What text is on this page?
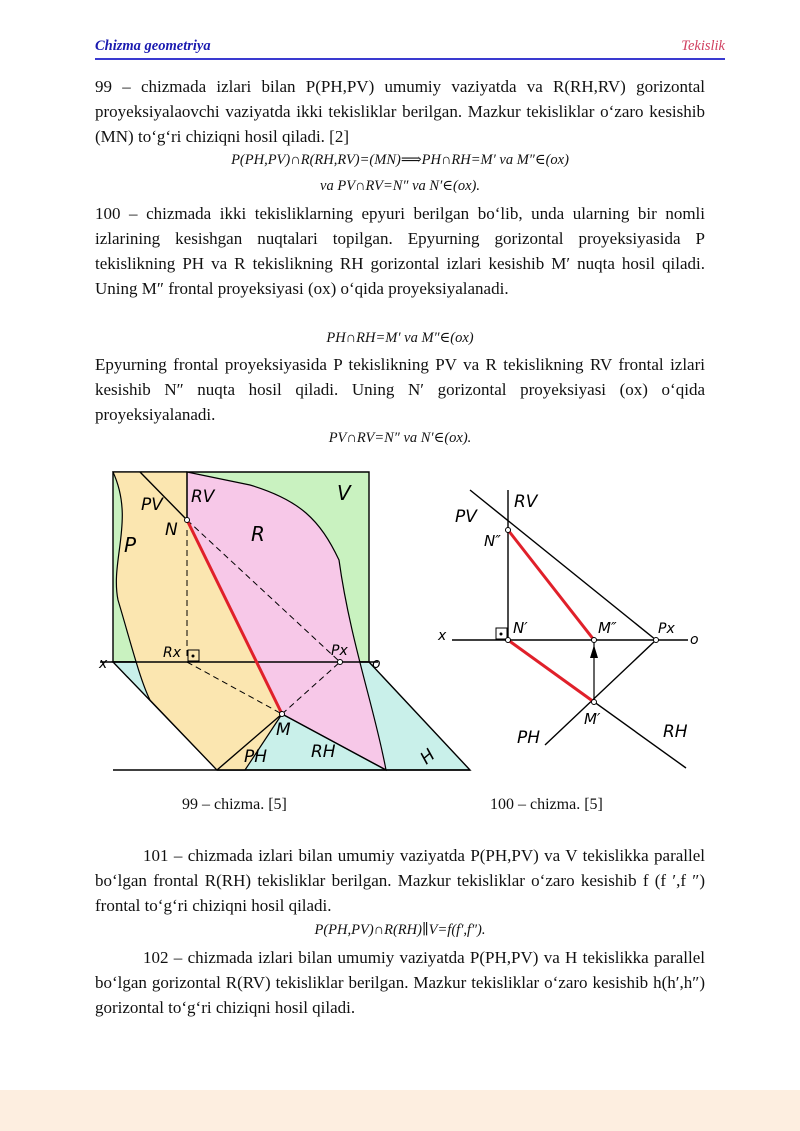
Chizma geometriya	Tekislik

99 – chizmada izlari bilan P(PH,PV) umumiy vaziyatda va R(RH,RV) gorizontal proyeksiyalaovchi vaziyatda ikki tekisliklar berilgan. Mazkur tekisliklar o‘zaro kesishib (MN) to‘g‘ri chiziqni hosil qiladi. [2]

P(PH,PV)∩R(RH,RV)=(MN)⟹PH∩RH=M′ va M″∈(ox)
va PV∩RV=N″ va N′∈(ox).

100 – chizmada ikki tekisliklarning epyuri berilgan bo‘lib, unda ularning bir nomli izlarining kesishgan nuqtalari topilgan. Epyurning gorizontal proyeksiyasida P tekislikning PH va R tekislikning RH gorizontal izlari kesishib M′ nuqta hosil qiladi. Uning M″ frontal proyeksiyasi (ox) o‘qida proyeksiyalanadi.

PH∩RH=M′ va M″∈(ox)

Epyurning frontal proyeksiyasida P tekislikning PV va R tekislikning RV frontal izlari kesishib N″ nuqta hosil qiladi. Uning N′ gorizontal proyeksiyasi (ox) o‘qida proyeksiyalanadi.

PV∩RV=N″ va N′∈(ox).
PV RV	V
P
N	R
Rx	Px
x	o
M
PH	RH	H
PV
RV
N″
x	N′	M″	Px
o
PH
M′
RH
99 – chizma. [5]	100 – chizma. [5]

101 – chizmada izlari bilan umumiy vaziyatda P(PH,PV) va V tekislikka parallel bo‘lgan frontal R(RH) tekisliklar berilgan. Mazkur tekisliklar o‘zaro kesishib f (f ′,f ″) frontal to‘g‘ri chiziqni hosil qiladi.

P(PH,PV)∩R(RH)∥V=f(f′,f″).

102 – chizmada izlari bilan umumiy vaziyatda P(PH,PV) va H tekislikka parallel bo‘lgan gorizontal R(RV) tekisliklar berilgan. Mazkur tekisliklar o‘zaro kesishib h(h′,h″) gorizontal to‘g‘ri chiziqni hosil qiladi.
